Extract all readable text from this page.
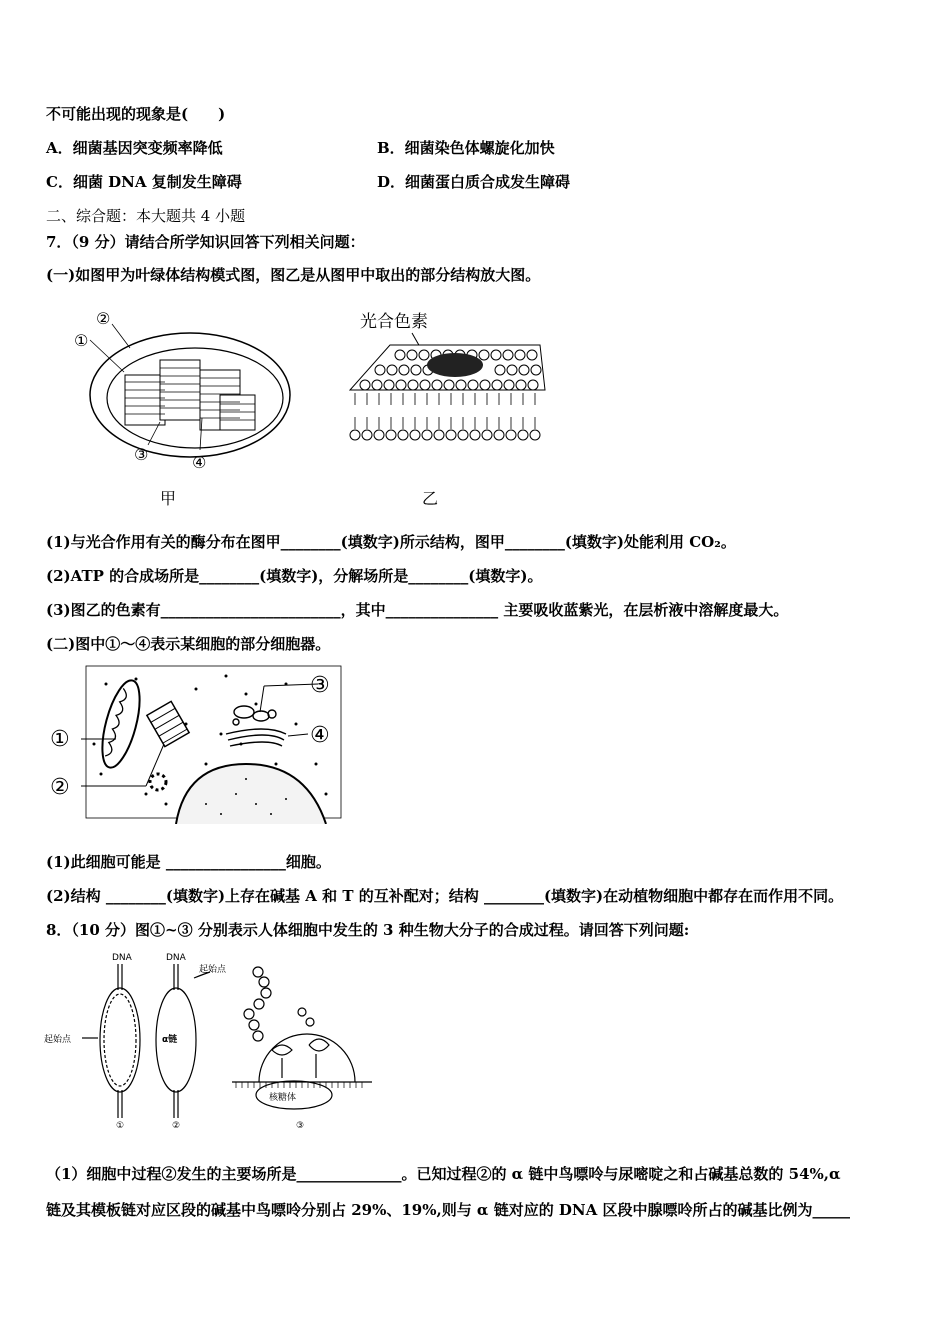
不可能出现的现象是(　　)
A．细菌基因突变频率降低	B．细菌染色体螺旋化加快
C．细菌 DNA 复制发生障碍	D．细菌蛋白质合成发生障碍
二、综合题：本大题共 4 小题
7．（9 分）请结合所学知识回答下列相关问题：
(一)如图甲为叶绿体结构模式图，图乙是从图甲中取出的部分结构放大图。
②
①
③	④
甲
光合色素
乙
(1)与光合作用有关的酶分布在图甲________(填数字)所示结构，图甲________(填数字)处能利用 CO₂。
(2)ATP 的合成场所是________(填数字)，分解场所是________(填数字)。
(3)图乙的色素有________________________，其中_______________ 主要吸收蓝紫光，在层析液中溶解度最大。
(二)图中①～④表示某细胞的部分细胞器。
①
②
③
④
(1)此细胞可能是 ________________细胞。
(2)结构 ________(填数字)上存在碱基 A 和 T 的互补配对；结构 ________(填数字)在动植物细胞中都存在而作用不同。
8．（10 分）图①~③ 分别表示人体细胞中发生的 3 种生物大分子的合成过程。请回答下列问题:
DNA	DNA
起始点
起始点
α链
核糖体
①	②	③
（1）细胞中过程②发生的主要场所是______________。已知过程②的 α 链中鸟嘌呤与尿嘧啶之和占碱基总数的 54%,α
链及其模板链对应区段的碱基中鸟嘌呤分别占 29%、19%,则与 α 链对应的 DNA 区段中腺嘌呤所占的碱基比例为_____
